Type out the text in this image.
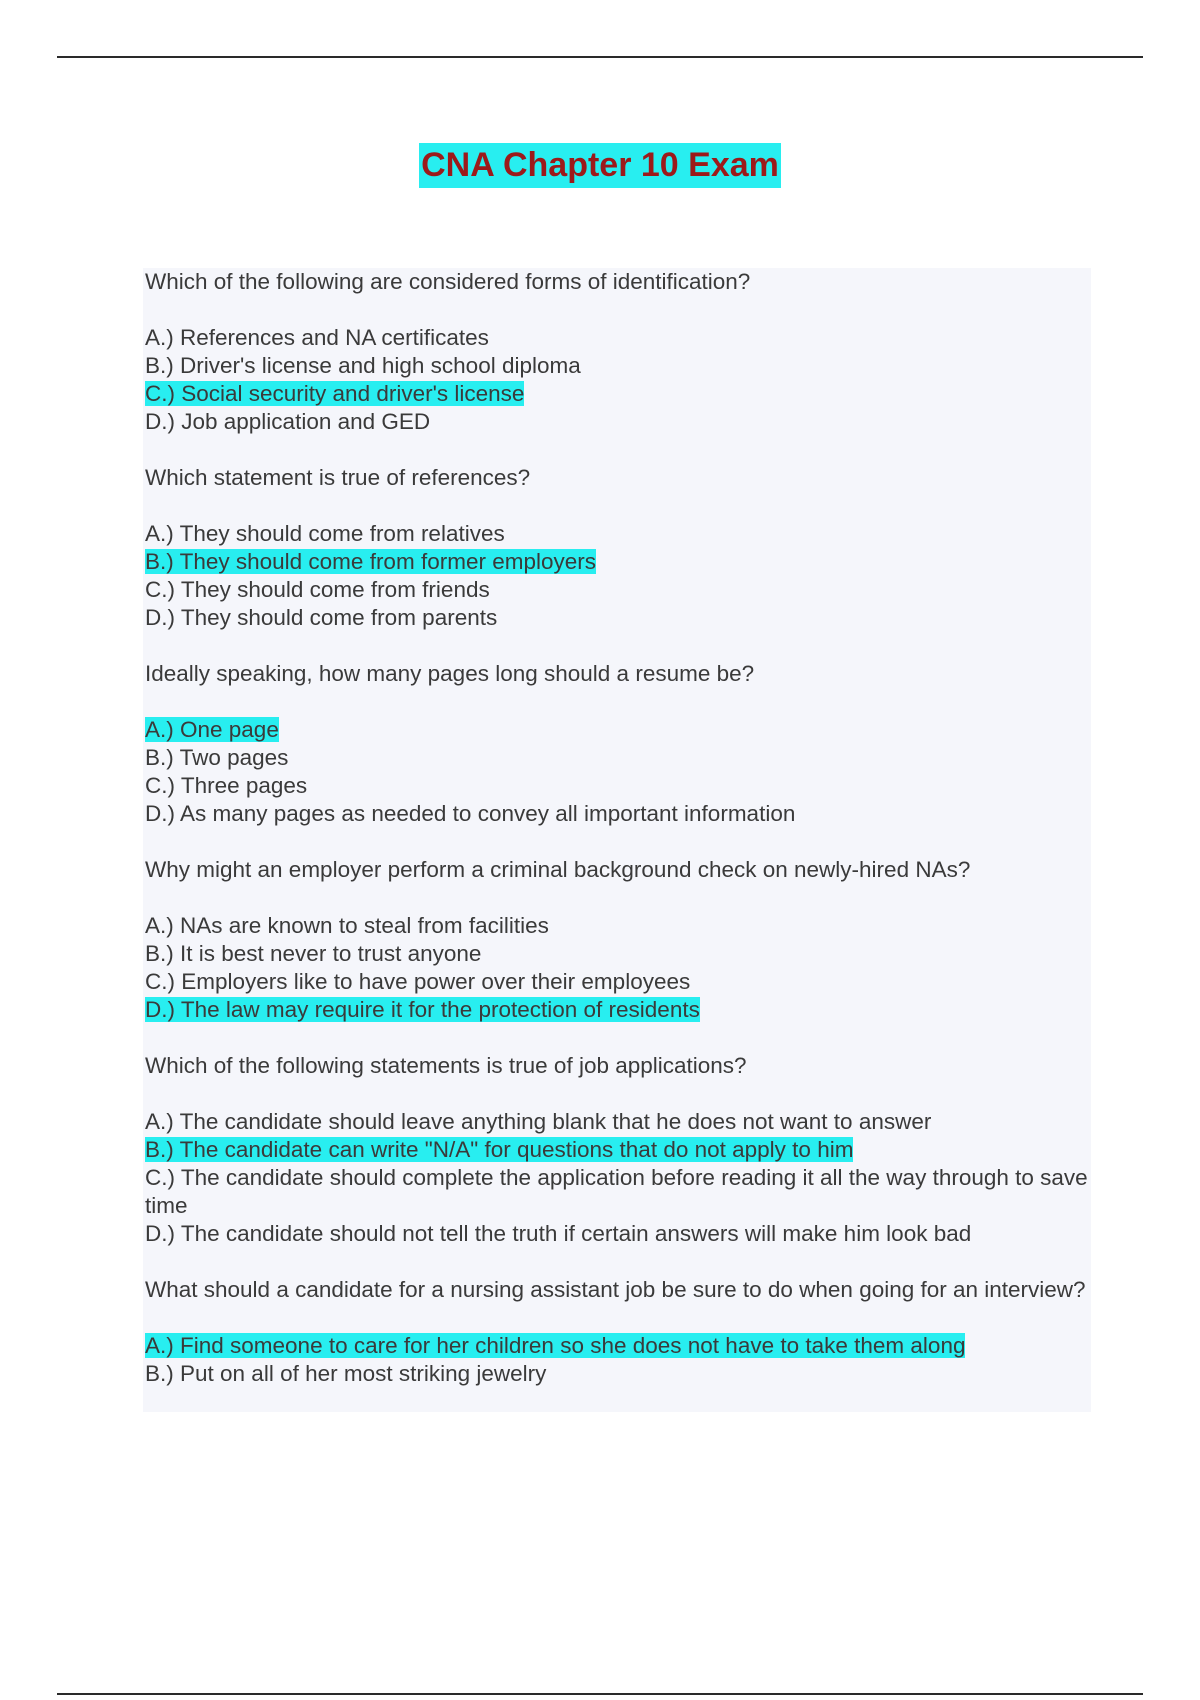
CNA Chapter 10 Exam

Which of the following are considered forms of identification?

A.) References and NA certificates
B.) Driver's license and high school diploma
C.) Social security and driver's license
D.) Job application and GED

Which statement is true of references?

A.) They should come from relatives
B.) They should come from former employers
C.) They should come from friends
D.) They should come from parents

Ideally speaking, how many pages long should a resume be?

A.) One page
B.) Two pages
C.) Three pages
D.) As many pages as needed to convey all important information

Why might an employer perform a criminal background check on newly-hired NAs?

A.) NAs are known to steal from facilities
B.) It is best never to trust anyone
C.) Employers like to have power over their employees
D.) The law may require it for the protection of residents

Which of the following statements is true of job applications?

A.) The candidate should leave anything blank that he does not want to answer
B.) The candidate can write "N/A" for questions that do not apply to him
C.) The candidate should complete the application before reading it all the way through to save time
D.) The candidate should not tell the truth if certain answers will make him look bad

What should a candidate for a nursing assistant job be sure to do when going for an interview?

A.) Find someone to care for her children so she does not have to take them along
B.) Put on all of her most striking jewelry
